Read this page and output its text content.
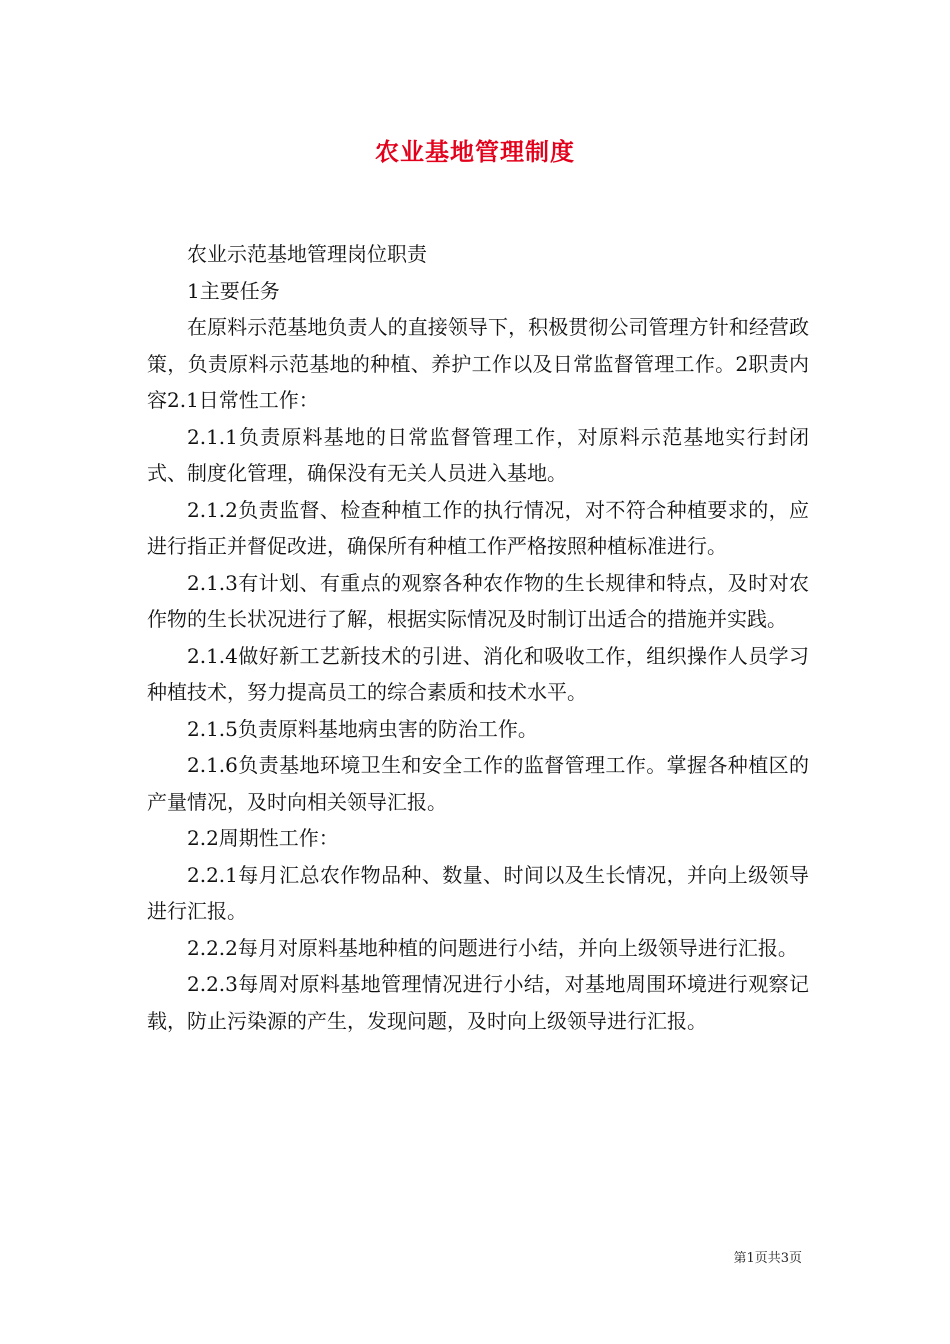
农业基地管理制度

农业示范基地管理岗位职责

1主要任务

在原料示范基地负责人的直接领导下，积极贯彻公司管理方针和经营政策，负责原料示范基地的种植、养护工作以及日常监督管理工作。2职责内容2.1日常性工作：

2.1.1负责原料基地的日常监督管理工作，对原料示范基地实行封闭式、制度化管理，确保没有无关人员进入基地。

2.1.2负责监督、检查种植工作的执行情况，对不符合种植要求的，应进行指正并督促改进，确保所有种植工作严格按照种植标准进行。

2.1.3有计划、有重点的观察各种农作物的生长规律和特点，及时对农作物的生长状况进行了解，根据实际情况及时制订出适合的措施并实践。

2.1.4做好新工艺新技术的引进、消化和吸收工作，组织操作人员学习种植技术，努力提高员工的综合素质和技术水平。

2.1.5负责原料基地病虫害的防治工作。

2.1.6负责基地环境卫生和安全工作的监督管理工作。掌握各种植区的产量情况，及时向相关领导汇报。

2.2周期性工作：

2.2.1每月汇总农作物品种、数量、时间以及生长情况，并向上级领导进行汇报。

2.2.2每月对原料基地种植的问题进行小结，并向上级领导进行汇报。

2.2.3每周对原料基地管理情况进行小结，对基地周围环境进行观察记载，防止污染源的产生，发现问题，及时向上级领导进行汇报。

第1页共3页
